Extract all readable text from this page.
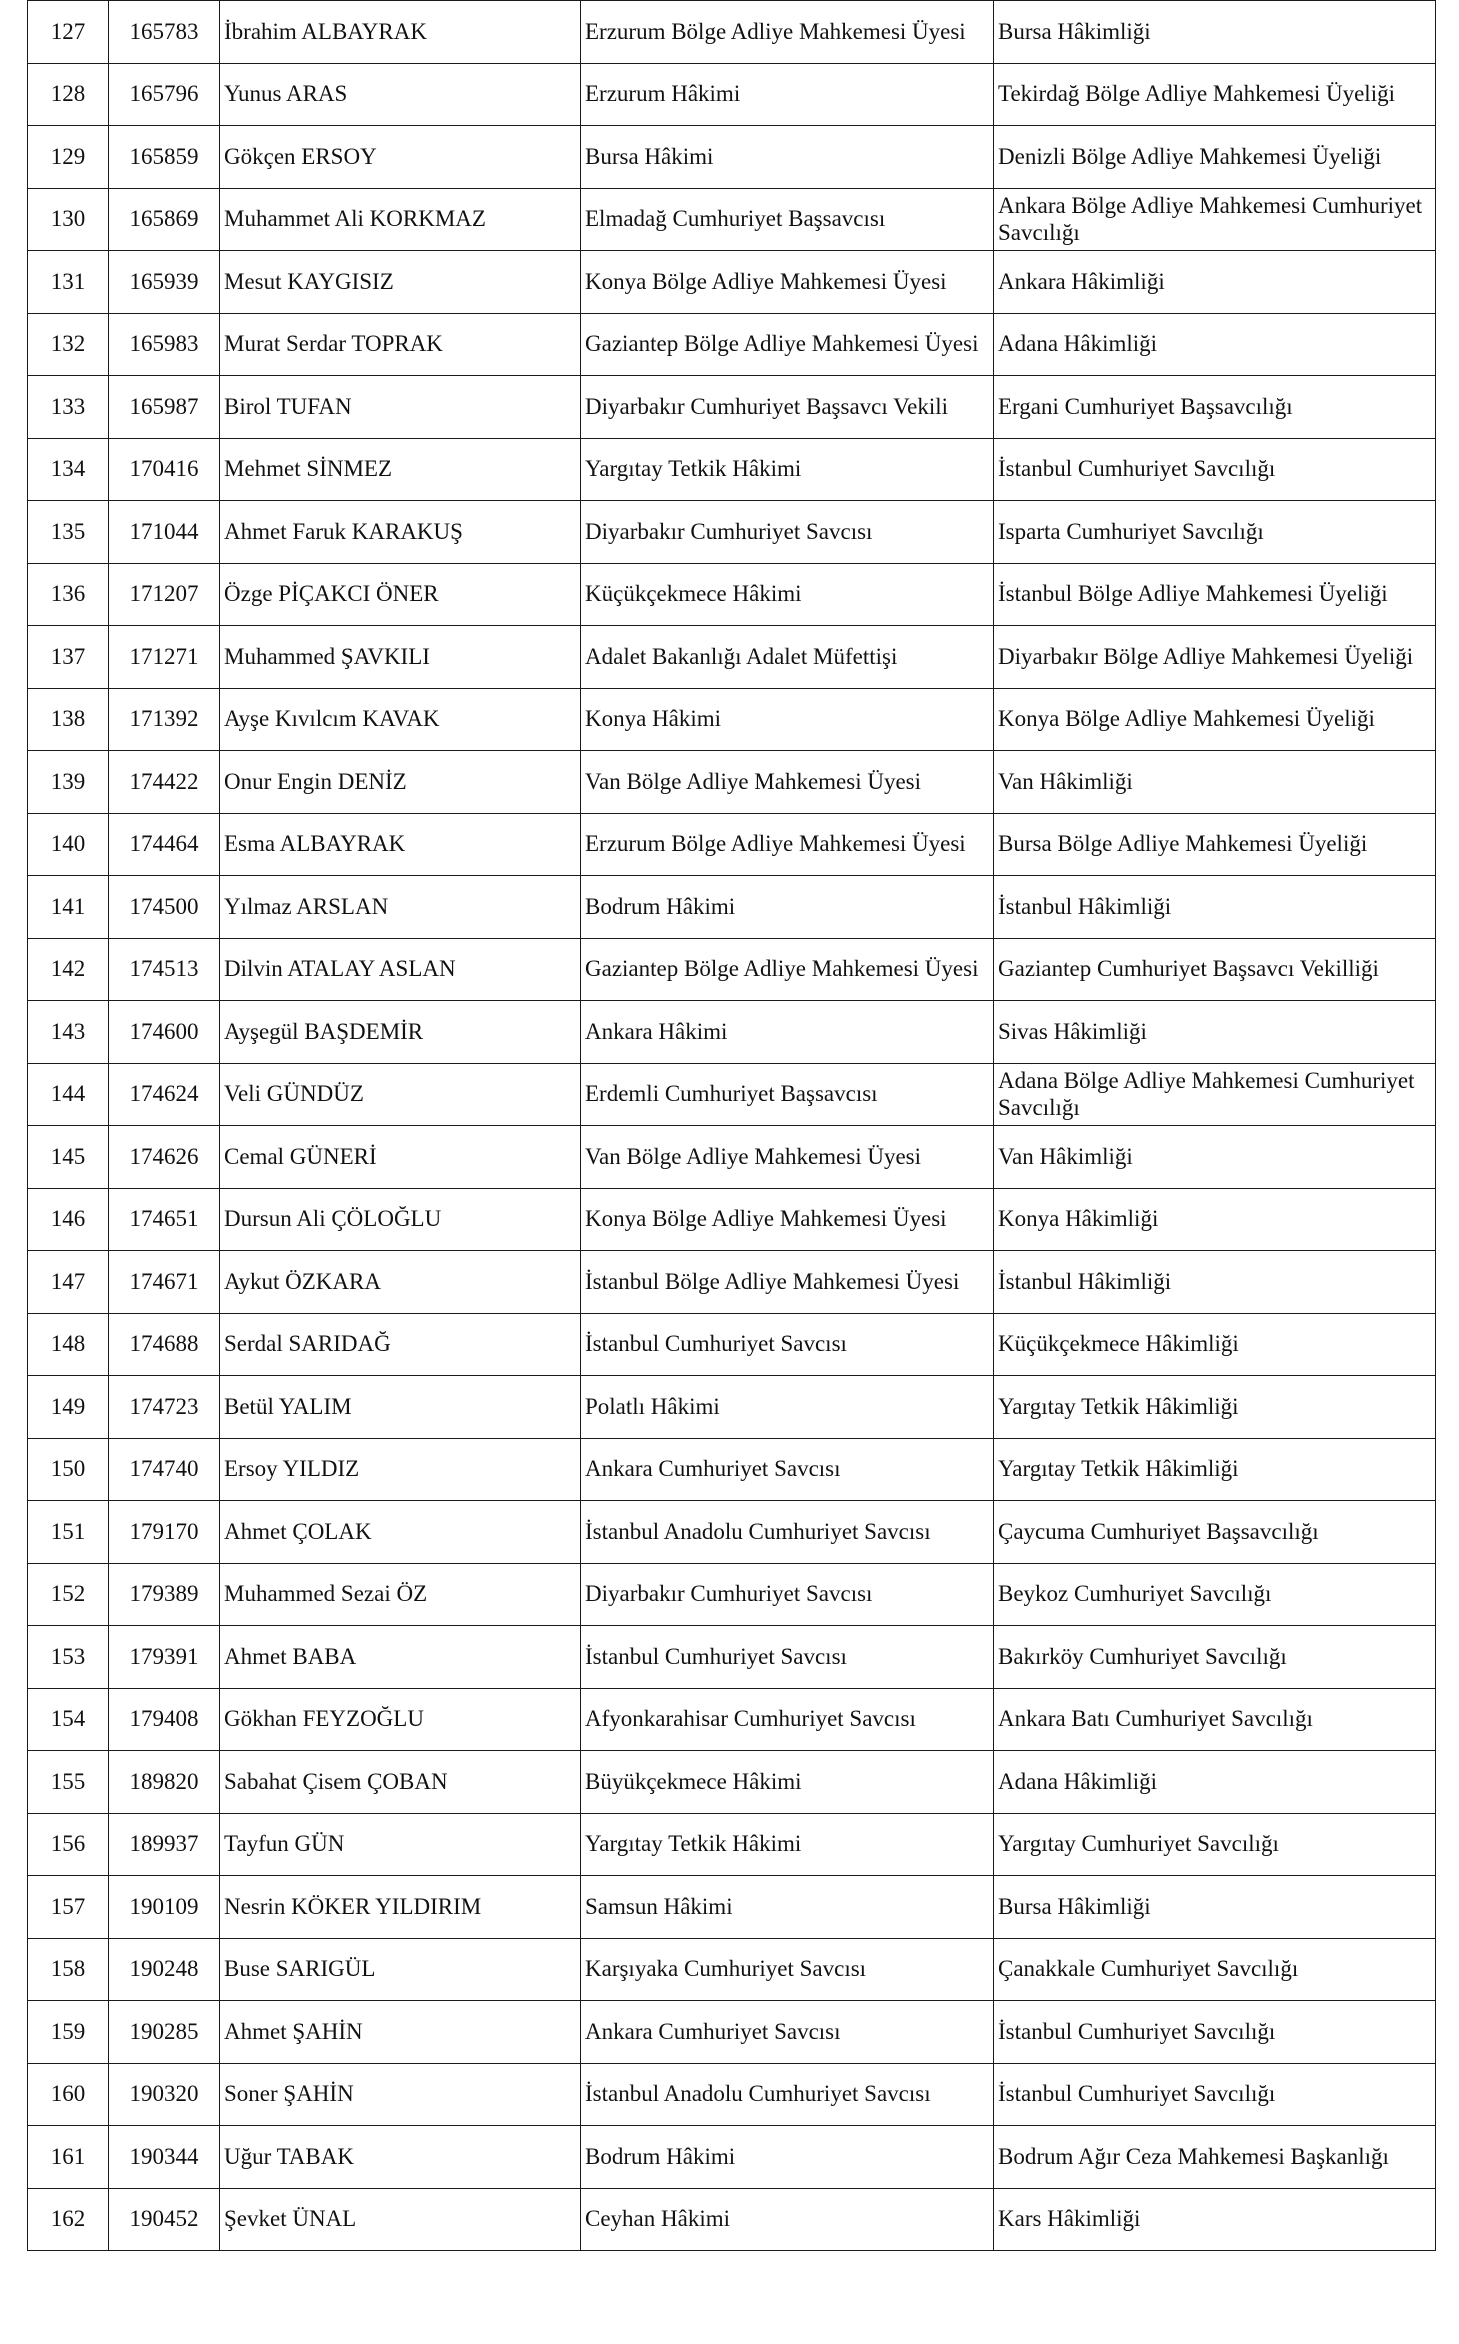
127	165783	İbrahim ALBAYRAK	Erzurum Bölge Adliye Mahkemesi Üyesi	Bursa Hâkimliği
128	165796	Yunus ARAS	Erzurum Hâkimi	Tekirdağ Bölge Adliye Mahkemesi Üyeliği
129	165859	Gökçen ERSOY	Bursa Hâkimi	Denizli Bölge Adliye Mahkemesi Üyeliği
130	165869	Muhammet Ali KORKMAZ	Elmadağ Cumhuriyet Başsavcısı	Ankara Bölge Adliye Mahkemesi Cumhuriyet Savcılığı
131	165939	Mesut KAYGISIZ	Konya Bölge Adliye Mahkemesi Üyesi	Ankara Hâkimliği
132	165983	Murat Serdar TOPRAK	Gaziantep Bölge Adliye Mahkemesi Üyesi	Adana Hâkimliği
133	165987	Birol TUFAN	Diyarbakır Cumhuriyet Başsavcı Vekili	Ergani Cumhuriyet Başsavcılığı
134	170416	Mehmet SİNMEZ	Yargıtay Tetkik Hâkimi	İstanbul Cumhuriyet Savcılığı
135	171044	Ahmet Faruk KARAKUŞ	Diyarbakır Cumhuriyet Savcısı	Isparta Cumhuriyet Savcılığı
136	171207	Özge PİÇAKCI ÖNER	Küçükçekmece Hâkimi	İstanbul Bölge Adliye Mahkemesi Üyeliği
137	171271	Muhammed ŞAVKILI	Adalet Bakanlığı Adalet Müfettişi	Diyarbakır Bölge Adliye Mahkemesi Üyeliği
138	171392	Ayşe Kıvılcım KAVAK	Konya Hâkimi	Konya Bölge Adliye Mahkemesi Üyeliği
139	174422	Onur Engin DENİZ	Van Bölge Adliye Mahkemesi Üyesi	Van Hâkimliği
140	174464	Esma ALBAYRAK	Erzurum Bölge Adliye Mahkemesi Üyesi	Bursa Bölge Adliye Mahkemesi Üyeliği
141	174500	Yılmaz ARSLAN	Bodrum Hâkimi	İstanbul Hâkimliği
142	174513	Dilvin ATALAY ASLAN	Gaziantep Bölge Adliye Mahkemesi Üyesi	Gaziantep Cumhuriyet Başsavcı Vekilliği
143	174600	Ayşegül BAŞDEMİR	Ankara Hâkimi	Sivas Hâkimliği
144	174624	Veli GÜNDÜZ	Erdemli Cumhuriyet Başsavcısı	Adana Bölge Adliye Mahkemesi Cumhuriyet Savcılığı
145	174626	Cemal GÜNERİ	Van Bölge Adliye Mahkemesi Üyesi	Van Hâkimliği
146	174651	Dursun Ali ÇÖLOĞLU	Konya Bölge Adliye Mahkemesi Üyesi	Konya Hâkimliği
147	174671	Aykut ÖZKARA	İstanbul Bölge Adliye Mahkemesi Üyesi	İstanbul Hâkimliği
148	174688	Serdal SARIDAĞ	İstanbul Cumhuriyet Savcısı	Küçükçekmece Hâkimliği
149	174723	Betül YALIM	Polatlı Hâkimi	Yargıtay Tetkik Hâkimliği
150	174740	Ersoy YILDIZ	Ankara Cumhuriyet Savcısı	Yargıtay Tetkik Hâkimliği
151	179170	Ahmet ÇOLAK	İstanbul Anadolu Cumhuriyet Savcısı	Çaycuma Cumhuriyet Başsavcılığı
152	179389	Muhammed Sezai ÖZ	Diyarbakır Cumhuriyet Savcısı	Beykoz Cumhuriyet Savcılığı
153	179391	Ahmet BABA	İstanbul Cumhuriyet Savcısı	Bakırköy Cumhuriyet Savcılığı
154	179408	Gökhan FEYZOĞLU	Afyonkarahisar Cumhuriyet Savcısı	Ankara Batı Cumhuriyet Savcılığı
155	189820	Sabahat Çisem ÇOBAN	Büyükçekmece Hâkimi	Adana Hâkimliği
156	189937	Tayfun GÜN	Yargıtay Tetkik Hâkimi	Yargıtay Cumhuriyet Savcılığı
157	190109	Nesrin KÖKER YILDIRIM	Samsun Hâkimi	Bursa Hâkimliği
158	190248	Buse SARIGÜL	Karşıyaka Cumhuriyet Savcısı	Çanakkale Cumhuriyet Savcılığı
159	190285	Ahmet ŞAHİN	Ankara Cumhuriyet Savcısı	İstanbul Cumhuriyet Savcılığı
160	190320	Soner ŞAHİN	İstanbul Anadolu Cumhuriyet Savcısı	İstanbul Cumhuriyet Savcılığı
161	190344	Uğur TABAK	Bodrum Hâkimi	Bodrum Ağır Ceza Mahkemesi Başkanlığı
162	190452	Şevket ÜNAL	Ceyhan Hâkimi	Kars Hâkimliği
